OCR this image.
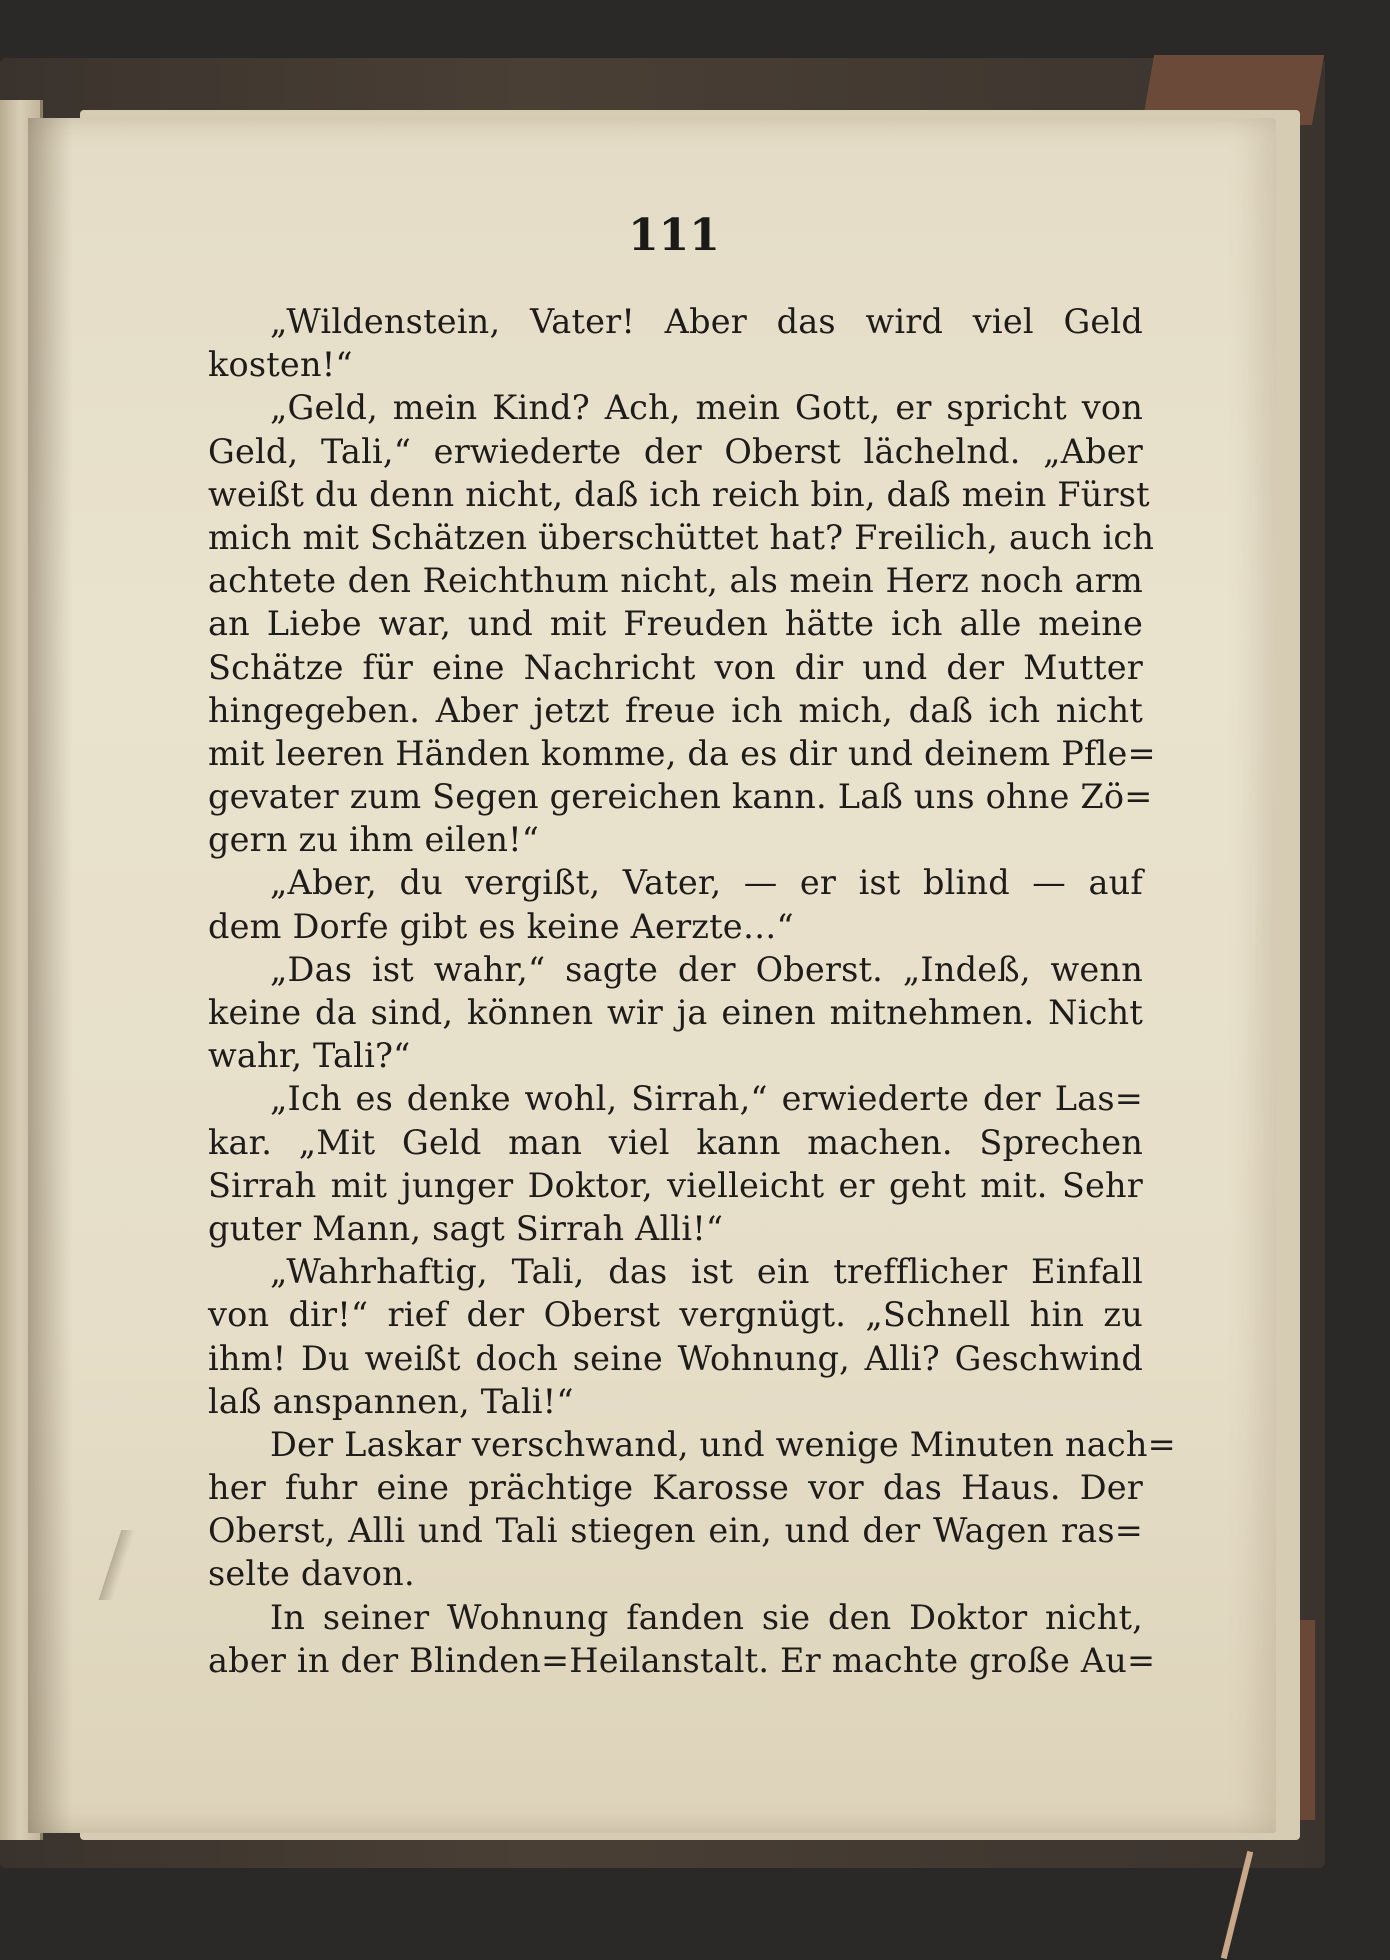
111
„Wildenstein, Vater! Aber das wird viel Geld
kosten!“
„Geld, mein Kind? Ach, mein Gott, er spricht von
Geld, Tali,“ erwiederte der Oberst lächelnd. „Aber
weißt du denn nicht, daß ich reich bin, daß mein Fürst
mich mit Schätzen überschüttet hat? Freilich, auch ich
achtete den Reichthum nicht, als mein Herz noch arm
an Liebe war, und mit Freuden hätte ich alle meine
Schätze für eine Nachricht von dir und der Mutter
hingegeben. Aber jetzt freue ich mich, daß ich nicht
mit leeren Händen komme, da es dir und deinem Pfle=
gevater zum Segen gereichen kann. Laß uns ohne Zö=
gern zu ihm eilen!“
„Aber, du vergißt, Vater, — er ist blind — auf
dem Dorfe gibt es keine Aerzte…“
„Das ist wahr,“ sagte der Oberst. „Indeß, wenn
keine da sind, können wir ja einen mitnehmen. Nicht
wahr, Tali?“
„Ich es denke wohl, Sirrah,“ erwiederte der Las=
kar. „Mit Geld man viel kann machen. Sprechen
Sirrah mit junger Doktor, vielleicht er geht mit. Sehr
guter Mann, sagt Sirrah Alli!“
„Wahrhaftig, Tali, das ist ein trefflicher Einfall
von dir!“ rief der Oberst vergnügt. „Schnell hin zu
ihm! Du weißt doch seine Wohnung, Alli? Geschwind
laß anspannen, Tali!“
Der Laskar verschwand, und wenige Minuten nach=
her fuhr eine prächtige Karosse vor das Haus. Der
Oberst, Alli und Tali stiegen ein, und der Wagen ras=
selte davon.
In seiner Wohnung fanden sie den Doktor nicht,
aber in der Blinden=Heilanstalt. Er machte große Au=
